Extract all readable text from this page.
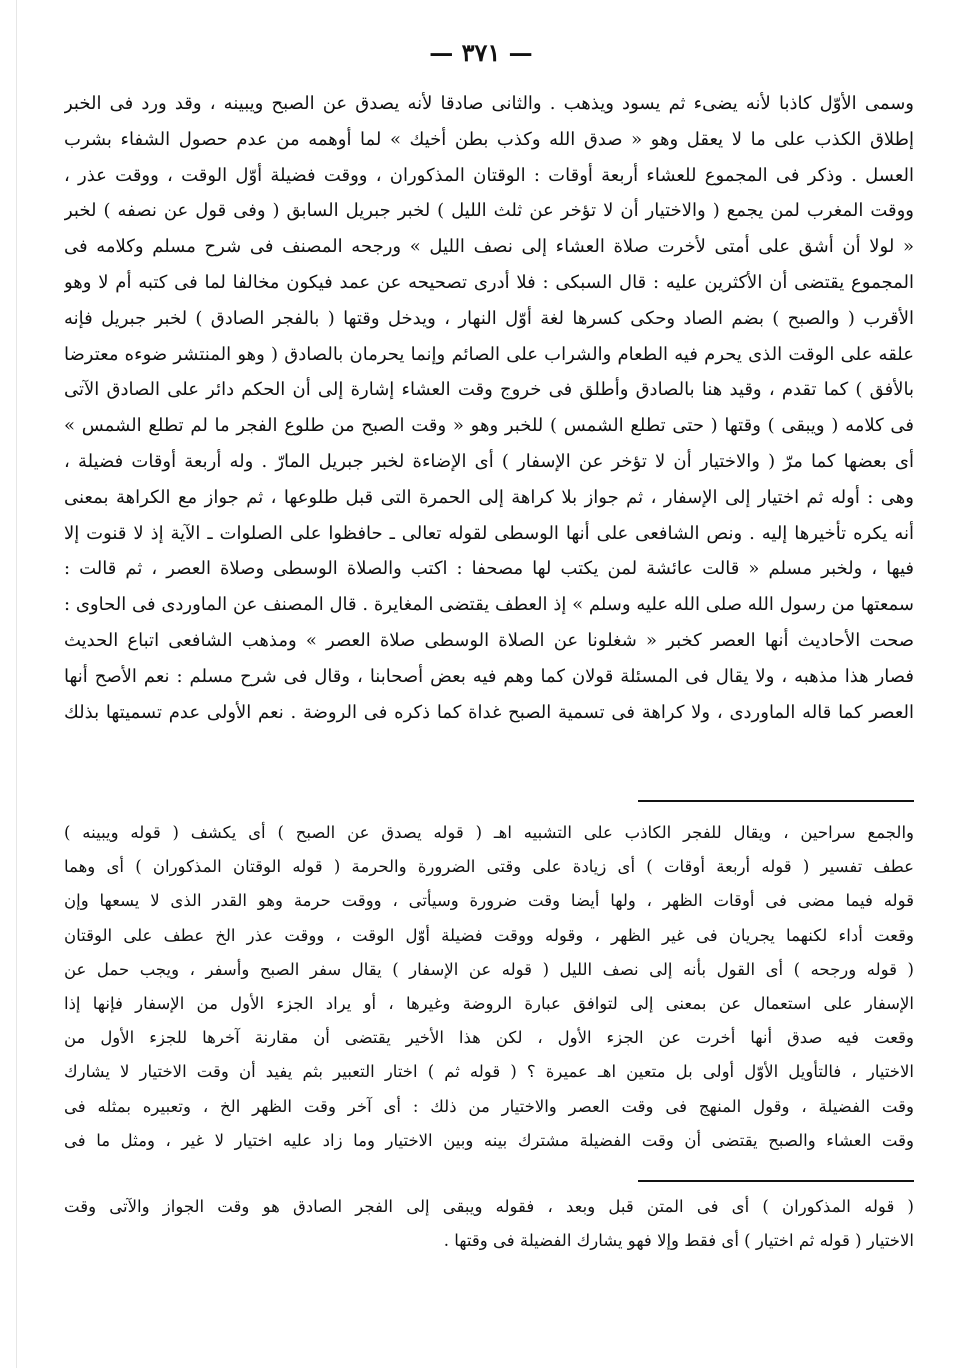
— ٣٧١ —
وسمى الأوّل كاذبا لأنه يضىء ثم يسود ويذهب . والثانى صادقا لأنه يصدق عن الصبح ويبينه ، وقد ورد فى الخبر
إطلاق الكذب على ما لا يعقل وهو « صدق الله وكذب بطن أخيك » لما أوهمه من عدم حصول الشفاء بشرب
العسل . وذكر فى المجموع للعشاء أربعة أوقات : الوقتان المذكوران ، ووقت فضيلة أوّل الوقت ، ووقت عذر ،
ووقت المغرب لمن يجمع ( والاختيار أن لا تؤخر عن ثلث الليل ) لخبر جبريل السابق ( وفى قول عن نصفه ) لخبر
« لولا أن أشق على أمتى لأخرت صلاة العشاء إلى نصف الليل » ورجحه المصنف فى شرح مسلم وكلامه فى
المجموع يقتضى أن الأكثرين عليه : قال السبكى : فلا أدرى تصحيحه عن عمد فيكون مخالفا لما فى كتبه أم لا وهو
الأقرب ( والصبح ) بضم الصاد وحكى كسرها لغة أوّل النهار ، ويدخل وقتها ( بالفجر الصادق ) لخبر جبريل فإنه
علقه على الوقت الذى يحرم فيه الطعام والشراب على الصائم وإنما يحرمان بالصادق ( وهو المنتشر ضوءه معترضا
بالأفق ) كما تقدم ، وقيد هنا بالصادق وأطلق فى خروج وقت العشاء إشارة إلى أن الحكم دائر على الصادق الآتى
فى كلامه ( ويبقى ) وقتها ( حتى تطلع الشمس ) للخبر وهو « وقت الصبح من طلوع الفجر ما لم تطلع الشمس »
أى بعضها كما مرّ ( والاختيار أن لا تؤخر عن الإسفار ) أى الإضاءة لخبر جبريل المارّ . وله أربعة أوقات فضيلة ،
وهى : أوله ثم اختيار إلى الإسفار ، ثم جواز بلا كراهة إلى الحمرة التى قبل طلوعها ، ثم جواز مع الكراهة بمعنى
أنه يكره تأخيرها إليه . ونص الشافعى على أنها الوسطى لقوله تعالى ـ حافظوا على الصلوات ـ الآية إذ لا قنوت إلا
فيها ، ولخبر مسلم « قالت عائشة لمن يكتب لها مصحفا : اكتب والصلاة الوسطى وصلاة العصر ، ثم قالت :
سمعتها من رسول الله صلى الله عليه وسلم » إذ العطف يقتضى المغايرة . قال المصنف عن الماوردى فى الحاوى :
صحت الأحاديث أنها العصر كخبر « شغلونا عن الصلاة الوسطى صلاة العصر » ومذهب الشافعى اتباع الحديث
فصار هذا مذهبه ، ولا يقال فى المسئلة قولان كما وهم فيه بعض أصحابنا ، وقال فى شرح مسلم : نعم الأصح أنها
العصر كما قاله الماوردى ، ولا كراهة فى تسمية الصبح غداة كما ذكره فى الروضة . نعم الأولى عدم تسميتها بذلك
والجمع سراحين ، ويقال للفجر الكاذب على التشبيه اهـ ( قوله يصدق عن الصبح ) أى يكشف ( قوله ويبينه )
عطف تفسير ( قوله أربعة أوقات ) أى زيادة على وقتى الضرورة والحرمة ( قوله الوقتان المذكوران ) أى وهما
قوله فيما مضى فى أوقات الظهر ، ولها أيضا وقت ضرورة وسيأتى ، ووقت حرمة وهو القدر الذى لا يسعها وإن
وقعت أداء لكنهما يجريان فى غير الظهر ، وقوله ووقت فضيلة أوّل الوقت ، ووقت عذر الخ عطف على الوقتان
( قوله ورجحه ) أى القول بأنه إلى نصف الليل ( قوله عن الإسفار ) يقال سفر الصبح وأسفر ، ويجب حمل عن
الإسفار على استعمال عن بمعنى إلى لتوافق عبارة الروضة وغيرها ، أو يراد الجزء الأول من الإسفار فإنها إذا
وقعت فيه صدق أنها أخرت عن الجزء الأول ، لكن هذا الأخير يقتضى أن مقارنة آخرها للجزء الأول من
الاختيار ، فالتأويل الأوّل أولى بل متعين اهـ عميرة ؟ ( قوله ثم ) اختار التعبير بثم يفيد أن وقت الاختيار لا يشارك
وقت الفضيلة ، وقول المنهج فى وقت العصر والاختيار من ذلك : أى آخر وقت الظهر الخ ، وتعبيره بمثله فى
وقت العشاء والصبح يقتضى أن وقت الفضيلة مشترك بينه وبين الاختيار وما زاد عليه اختيار لا غير ، ومثل ما فى
( قوله المذكوران ) أى فى المتن قبل وبعد ، فقوله ويبقى إلى الفجر الصادق هو وقت الجواز والآتى وقت
الاختيار ( قوله ثم اختيار ) أى فقط وإلا فهو يشارك الفضيلة فى وقتها .
